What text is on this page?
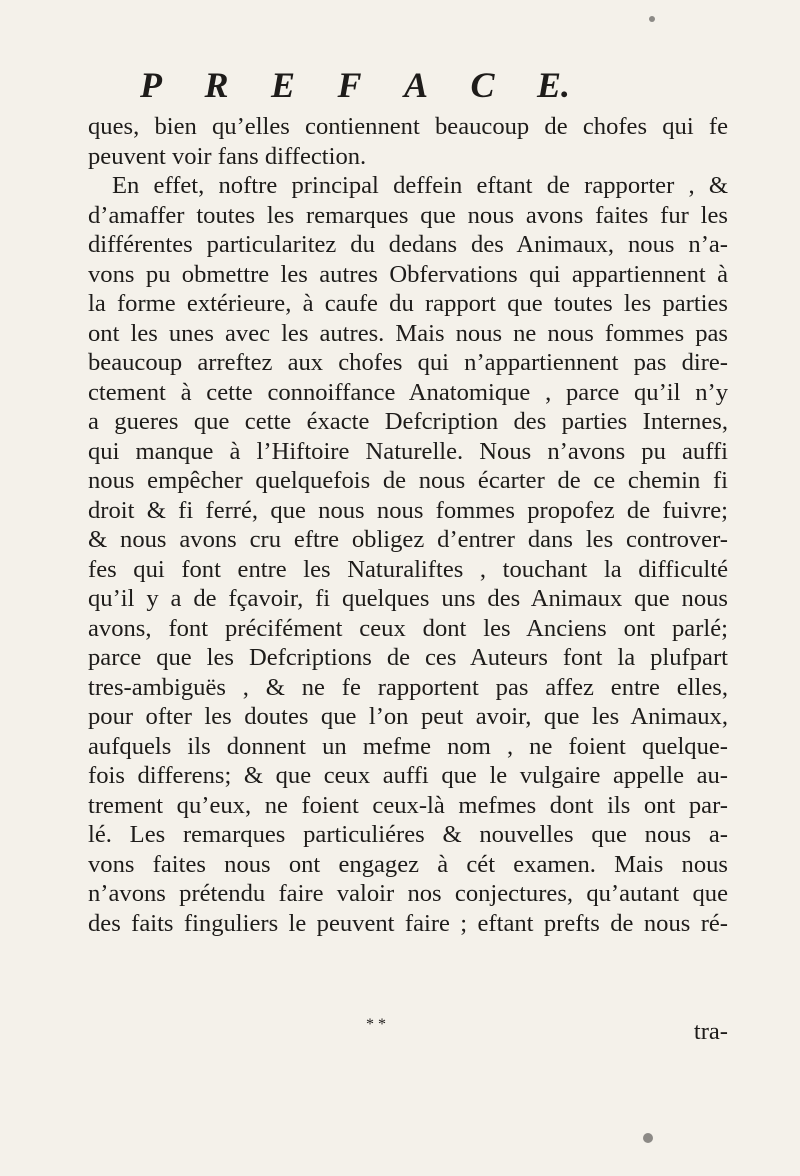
P R E F A C E.
ques, bien qu’elles contiennent beaucoup de chofes qui fe
peuvent voir fans diffection.
En effet, noftre principal deffein eftant de rapporter , &
d’amaffer toutes les remarques que nous avons faites fur les
différentes particularitez du dedans des Animaux, nous n’a-
vons pu obmettre les autres Obfervations qui appartiennent à
la forme extérieure, à caufe du rapport que toutes les parties
ont les unes avec les autres. Mais nous ne nous fommes pas
beaucoup arreftez aux chofes qui n’appartiennent pas dire-
ctement à cette connoiffance Anatomique , parce qu’il n’y
a gueres que cette éxacte Defcription des parties Internes,
qui manque à l’Hiftoire Naturelle. Nous n’avons pu auffi
nous empêcher quelquefois de nous écarter de ce chemin fi
droit & fi ferré, que nous nous fommes propofez de fuivre;
& nous avons cru eftre obligez d’entrer dans les controver-
fes qui font entre les Naturaliftes , touchant la difficulté
qu’il y a de fçavoir, fi quelques uns des Animaux que nous
avons, font précifément ceux dont les Anciens ont parlé;
parce que les Defcriptions de ces Auteurs font la plufpart
tres-ambiguës , & ne fe rapportent pas affez entre elles,
pour ofter les doutes que l’on peut avoir, que les Animaux,
aufquels ils donnent un mefme nom , ne foient quelque-
fois differens; & que ceux auffi que le vulgaire appelle au-
trement qu’eux, ne foient ceux-là mefmes dont ils ont par-
lé. Les remarques particuliéres & nouvelles que nous a-
vons faites nous ont engagez à cét examen. Mais nous
n’avons prétendu faire valoir nos conjectures, qu’autant que
des faits finguliers le peuvent faire ; eftant prefts de nous ré-
* *	tra-
